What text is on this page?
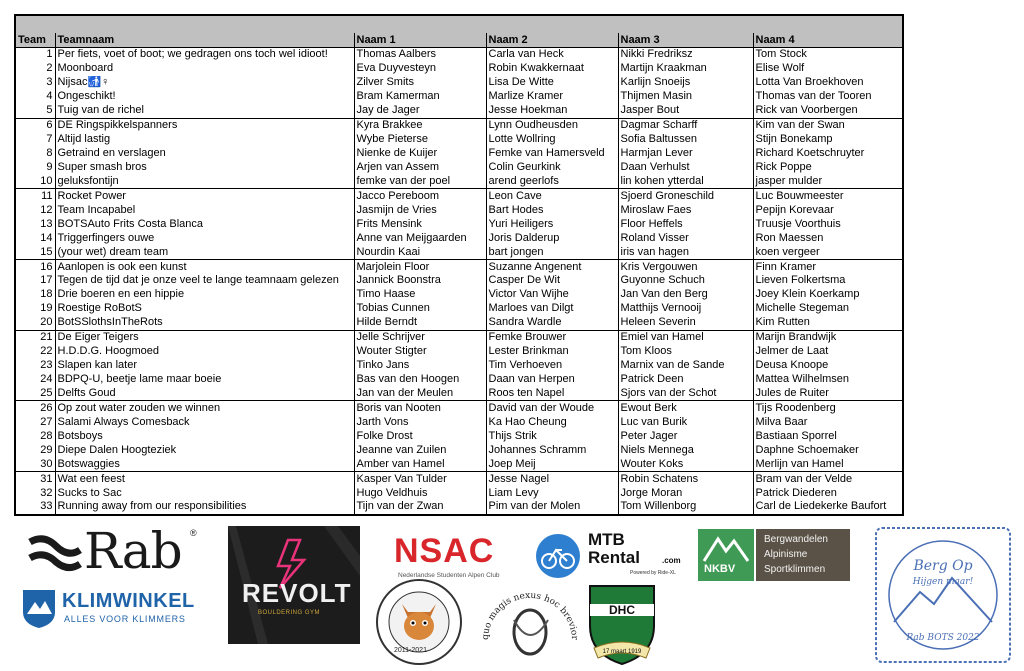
Team	Teamnaam	Naam 1	Naam 2	Naam 3	Naam 4
1	Per fiets, voet of boot; we gedragen ons toch wel idioot!	Thomas Aalbers	Carla van Heck	Nikki Fredriksz	Tom Stock
2	Moonboard	Eva Duyvesteyn	Robin Kwakkernaat	Martijn Kraakman	Elise Wolf
3	Nijsac🚮♀	Zilver Smits	Lisa De Witte	Karlijn Snoeijs	Lotta Van Broekhoven
4	Ongeschikt!	Bram Kamerman	Marlize Kramer	Thijmen Masin	Thomas van der Tooren
5	Tuig van de richel	Jay de Jager	Jesse Hoekman	Jasper Bout	Rick van Voorbergen
6	DE Ringspikkelspanners	Kyra Brakkee	Lynn Oudheusden	Dagmar Scharff	Kim van der Swan
7	Altijd lastig	Wybe Pieterse	Lotte Wollring	Sofia Baltussen	Stijn Bonekamp
8	Getraind en verslagen	Nienke de Kuijer	Femke van Hamersveld	Harmjan Lever	Richard Koetschruyter
9	Super smash bros	Arjen van Assem	Colin Geurkink	Daan Verhulst	Rick Poppe
10	geluksfontijn	femke van der poel	arend geerlofs	lin kohen ytterdal	jasper mulder
11	Rocket Power	Jacco Pereboom	Leon Cave	Sjoerd Groneschild	Luc Bouwmeester
12	Team Incapabel	Jasmijn de Vries	Bart Hodes	Miroslaw Faes	Pepijn Korevaar
13	BOTSAuto Frits Costa Blanca	Frits Mensink	Yuri Heiligers	Floor Heffels	Truusje Voorthuis
14	Triggerfingers ouwe	Anne van Meijgaarden	Joris Dalderup	Roland Visser	Ron Maessen
15	(your wet) dream team	Nourdin Kaai	bart jongen	iris van hagen	koen vergeer
16	Aanlopen is ook een kunst	Marjolein Floor	Suzanne Angenent	Kris Vergouwen	Finn Kramer
17	Tegen de tijd dat je onze veel te lange teamnaam gelezen	Jannick Boonstra	Casper De Wit	Guyonne Schuch	Lieven Folkertsma
18	Drie boeren en een hippie	Timo Haase	Victor Van Wijhe	Jan Van den Berg	Joey Klein Koerkamp
19	Roestige RoBotS	Tobias Cunnen	Marloes van Dilgt	Matthijs Vernooij	Michelle Stegeman
20	BotSSlothsInTheRots	Hilde Berndt	Sandra Wardle	Heleen Severin	Kim Rutten
21	De Eiger Teigers	Jelle Schrijver	Femke Brouwer	Emiel van Hamel	Marijn Brandwijk
22	H.D.D.G. Hoogmoed	Wouter Stigter	Lester Brinkman	Tom Kloos	Jelmer de Laat
23	Slapen kan later	Tinko Jans	Tim Verhoeven	Marnix van de Sande	Deusa Knoope
24	BDPQ-U, beetje lame maar boeie	Bas van den Hoogen	Daan van Herpen	Patrick Deen	Mattea Wilhelmsen
25	Delfts Goud	Jan van der Meulen	Roos ten Napel	Sjors van der Schot	Jules de Ruiter
26	Op zout water zouden we winnen	Boris van Nooten	David van der Woude	Ewout Berk	Tijs Roodenberg
27	Salami Always Comesback	Jarth Vons	Ka Hao Cheung	Luc van Burik	Milva Baar
28	Botsboys	Folke Drost	Thijs Strik	Peter Jager	Bastiaan Sporrel
29	Diepe Dalen Hoogteziek	Jeanne van Zuilen	Johannes Schramm	Niels Mennega	Daphne Schoemaker
30	Botswaggies	Amber van Hamel	Joep Meij	Wouter Koks	Merlijn van Hamel
31	Wat een feest	Kasper Van Tulder	Jesse Nagel	Robin Schatens	Bram van der Velde
32	Sucks to Sac	Hugo Veldhuis	Liam Levy	Jorge Moran	Patrick Diederen
33	Running away from our responsibilities	Tijn van der Zwan	Pim van der Molen	Tom Willenborg	Carl de Liedekerke Baufort
Rab ®
KLIMWINKEL
ALLES VOOR KLIMMERS
REVOLT
BOULDERING GYM
NSAC
Nederlandse Studenten Alpen Club
MTB
Rental	.com
Powered by Ride-XL	NKBV
Bergwandelen
Alpinisme
Sportklimmen
2011-2021
quo magis nexus hoc brevior
DHC
17 maart 1919
Berg Op
Hijgen maar!
Rab BOTS 2022
